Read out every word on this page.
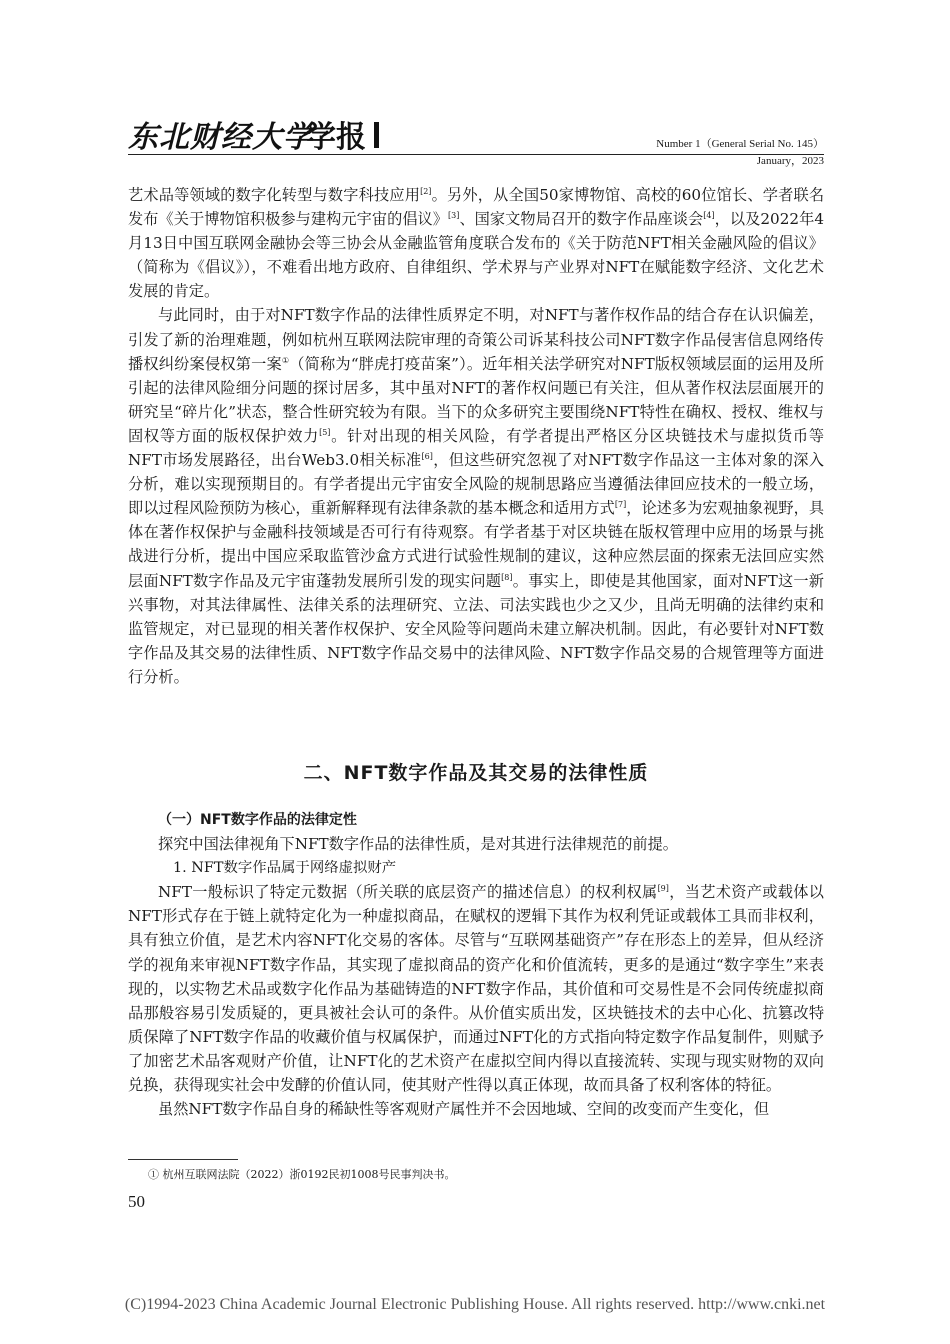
东北财经大学
学报	Number 1（General Serial No. 145）
January，2023

艺术品等领域的数字化转型与数字科技应用[2]。另外，从全国50家博物馆、高校的60位馆长、学者联名发布《关于博物馆积极参与建构元宇宙的倡议》[3]、国家文物局召开的数字作品座谈会[4]，以及2022年4月13日中国互联网金融协会等三协会从金融监管角度联合发布的《关于防范NFT相关金融风险的倡议》（简称为《倡议》），不难看出地方政府、自律组织、学术界与产业界对NFT在赋能数字经济、文化艺术发展的肯定。

与此同时，由于对NFT数字作品的法律性质界定不明，对NFT与著作权作品的结合存在认识偏差，引发了新的治理难题，例如杭州互联网法院审理的奇策公司诉某科技公司NFT数字作品侵害信息网络传播权纠纷案侵权第一案①（简称为“胖虎打疫苗案”）。近年相关法学研究对NFT版权领域层面的运用及所引起的法律风险细分问题的探讨居多，其中虽对NFT的著作权问题已有关注，但从著作权法层面展开的研究呈“碎片化”状态，整合性研究较为有限。当下的众多研究主要围绕NFT特性在确权、授权、维权与固权等方面的版权保护效力[5]。针对出现的相关风险，有学者提出严格区分区块链技术与虚拟货币等NFT市场发展路径，出台Web3.0相关标准[6]，但这些研究忽视了对NFT数字作品这一主体对象的深入分析，难以实现预期目的。有学者提出元宇宙安全风险的规制思路应当遵循法律回应技术的一般立场，即以过程风险预防为核心，重新解释现有法律条款的基本概念和适用方式[7]，论述多为宏观抽象视野，具体在著作权保护与金融科技领域是否可行有待观察。有学者基于对区块链在版权管理中应用的场景与挑战进行分析，提出中国应采取监管沙盒方式进行试验性规制的建议，这种应然层面的探索无法回应实然层面NFT数字作品及元宇宙蓬勃发展所引发的现实问题[8]。事实上，即使是其他国家，面对NFT这一新兴事物，对其法律属性、法律关系的法理研究、立法、司法实践也少之又少，且尚无明确的法律约束和监管规定，对已显现的相关著作权保护、安全风险等问题尚未建立解决机制。因此，有必要针对NFT数字作品及其交易的法律性质、NFT数字作品交易中的法律风险、NFT数字作品交易的合规管理等方面进行分析。

二、NFT数字作品及其交易的法律性质

（一）NFT数字作品的法律定性

探究中国法律视角下NFT数字作品的法律性质，是对其进行法律规范的前提。

1. NFT数字作品属于网络虚拟财产

NFT一般标识了特定元数据（所关联的底层资产的描述信息）的权利权属[9]，当艺术资产或载体以NFT形式存在于链上就特定化为一种虚拟商品，在赋权的逻辑下其作为权利凭证或载体工具而非权利，具有独立价值，是艺术内容NFT化交易的客体。尽管与“互联网基础资产”存在形态上的差异，但从经济学的视角来审视NFT数字作品，其实现了虚拟商品的资产化和价值流转，更多的是通过“数字孪生”来表现的，以实物艺术品或数字化作品为基础铸造的NFT数字作品，其价值和可交易性是不会同传统虚拟商品那般容易引发质疑的，更具被社会认可的条件。从价值实质出发，区块链技术的去中心化、抗篡改特质保障了NFT数字作品的收藏价值与权属保护，而通过NFT化的方式指向特定数字作品复制件，则赋予了加密艺术品客观财产价值，让NFT化的艺术资产在虚拟空间内得以直接流转、实现与现实财物的双向兑换，获得现实社会中发酵的价值认同，使其财产性得以真正体现，故而具备了权利客体的特征。

虽然NFT数字作品自身的稀缺性等客观财产属性并不会因地域、空间的改变而产生变化，但

① 杭州互联网法院（2022）浙0192民初1008号民事判决书。
50
(C)1994-2023 China Academic Journal Electronic Publishing House. All rights reserved. http://www.cnki.net
